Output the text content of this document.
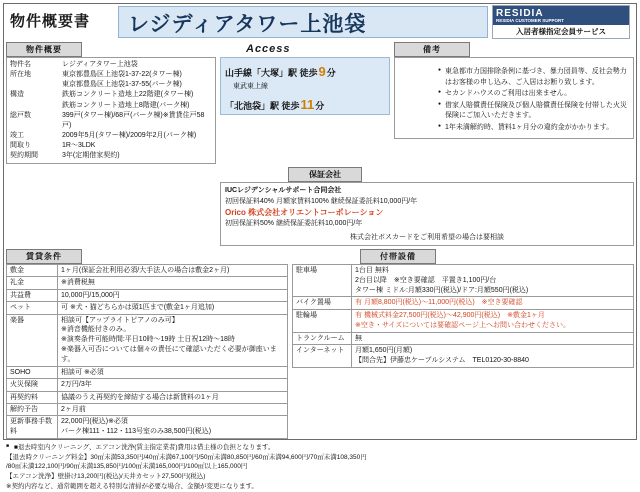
物件概要書 レジディアタワー上池袋	RESIDIA
RESIDIA CUSTOMER SUPPORT
入居者様指定会員サービス
物件概要
物件名	レジディアタワー上池袋
所在地	東京都豊島区上池袋1-37-22(タワー棟)
東京都豊島区上池袋1-37-55(パーク棟)
構造	鉄筋コンクリート造地上22階建(タワー棟)
鉄筋コンクリート造地上8階建(パーク棟)
総戸数	399戸(タワー棟)/68戸(パーク棟)※賃貸住戸58戸)
竣工	2009年5月(タワー棟)/2009年2月(パーク棟)
間取り	1R～3LDK
契約期間	3年(定期借家契約)
Access
山手線「大塚」駅 徒歩9分
東武東上線
「北池袋」駅 徒歩11分
備考
● 東急都市力国排除条例に基づき、暴力団員等、反社会勢力はお客様の申し込み、ご入居はお断り致します。
● セカンドハウスのご利用は出来ません。
● 借家人賠償責任保険及び個人賠償責任保険を付帯した火災保険にご加入いただきます。
● 1年未満解約時、賃料1ヶ月分の違約金がかかります。
保証会社
IUCレジデンシャルサポート合同会社
初回保証料40% 月額家賃料100% 継続保証委託料10,000円/年
Orico 株式会社オリエントコーポレーション
初回保証料50% 継続保証委託料10,000円/年
株式会社ボスカードをご利用希望の場合は要相談
賃貸条件
敷金	1ヶ月(保証会社利用必須/大手法人の場合は敷金2ヶ月)
礼金	※消費税無
共益費	10,000円/15,000円
ペット	可 ※犬・猫どちらかは頭1匹まで(敷金1ヶ月追加)
楽器	相談可【アップライトピアノのみ可】
※消音機能付きのみ。
※演奏条件可能時間:平日10時～19時 土日祝12時～18時
※楽器入可否については個々の責任にて確認いただく必要が御座います。

SOHO	相談可 ※必須
火災保険	2万円/3年
再契約料	協議のうえ再契約を締結する場合は新賃料の1ヶ月
解約予告	2ヶ月前
更新事務手数料	22,000円(税込)※必須
パーク棟111・112・113号室のみ38,500円(税込)
付帯設備
駐車場	1台目 無料
2台目以降　※空き要確認　平置き1,100円/台
タワー棟 ミドル:月額330円(税込)/ドア:月額550円(税込)

バイク置場	有 月額8,800円(税込)～11,000円(税込)　※空き要確認
駐輪場	有 機械式料金27,500円(税込)～42,900円(税込)　※敷金1ヶ月
※空き・サイズについては要確認ページ上へお問い合わせください。

トランクルーム	無
インターネット	月額1,650円(月額)
【問合先】伊藤忠ケーブルシステム　TEL0120-30-8840
■ ■退去時室内クリーニング、エアコン洗浄(賃主指定業者)費用は借主様の負担となります。
【退去時クリーニング料金】30㎡未満53,350円/40㎡未満67,100円/50㎡未満80,850円/60㎡未満94,600円/70㎡未満108,350円
/80㎡未満122,100円/90㎡未満135,850円/100㎡未満165,000円/100㎡以上165,000円
【エアコン洗浄】壁掛け13,200円(税込)/天井カセット27,500円(税込)
※契約内容など、通常範囲を超える特別な清掃が必要な場合、金額が変更になります。
